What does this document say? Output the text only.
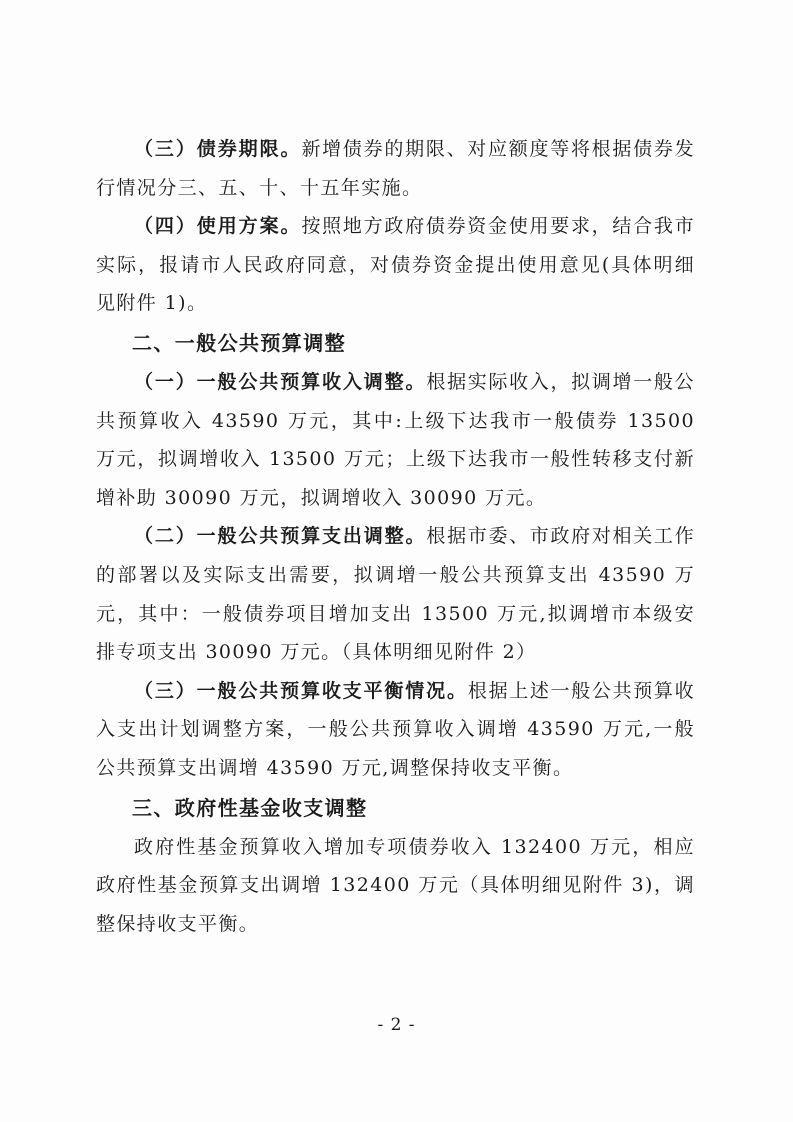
（三）债券期限。新增债券的期限、对应额度等将根据债券发行情况分三、五、十、十五年实施。

（四）使用方案。按照地方政府债券资金使用要求，结合我市实际，报请市人民政府同意，对债券资金提出使用意见(具体明细见附件 1)。

二、一般公共预算调整

（一）一般公共预算收入调整。根据实际收入，拟调增一般公共预算收入 43590 万元，其中:上级下达我市一般债券 13500 万元，拟调增收入 13500 万元；上级下达我市一般性转移支付新增补助 30090 万元，拟调增收入 30090 万元。

（二）一般公共预算支出调整。根据市委、市政府对相关工作的部署以及实际支出需要，拟调增一般公共预算支出 43590 万元，其中：一般债券项目增加支出 13500 万元,拟调增市本级安排专项支出 30090 万元。（具体明细见附件 2）

（三）一般公共预算收支平衡情况。根据上述一般公共预算收入支出计划调整方案，一般公共预算收入调增 43590 万元,一般公共预算支出调增 43590 万元,调整保持收支平衡。

三、政府性基金收支调整

政府性基金预算收入增加专项债券收入 132400 万元，相应政府性基金预算支出调增 132400 万元（具体明细见附件 3)，调整保持收支平衡。

- 2 -
